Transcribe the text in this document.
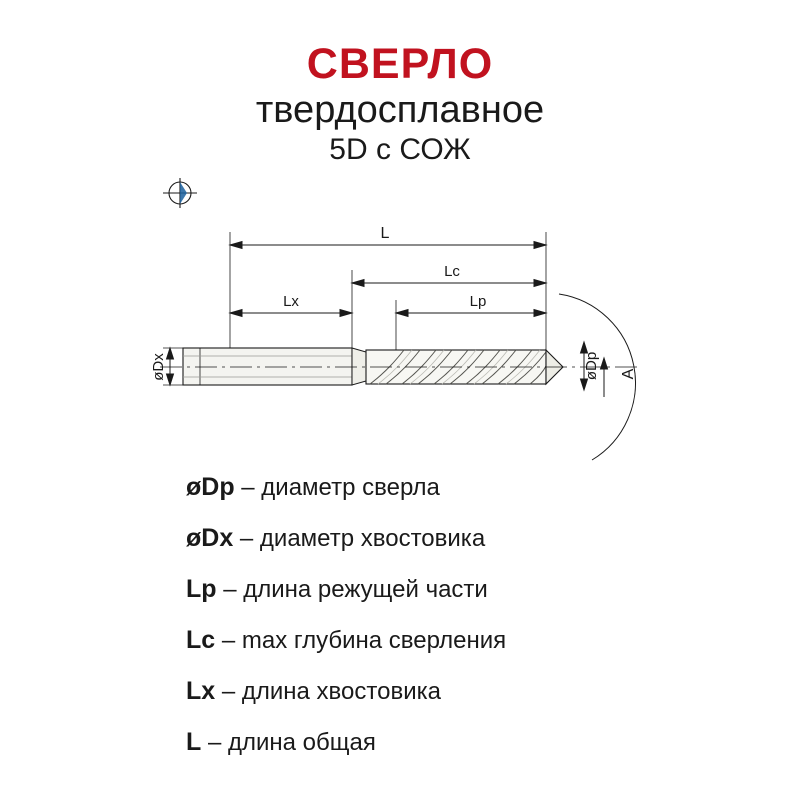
СВЕРЛО
твердосплавное
5D с СОЖ
L
Lc
Lx	Lp
øDx	øDp A
øDp – диаметр сверла
øDx – диаметр хвостовика
Lp – длина режущей части
Lc – max глубина сверления
Lx – длина хвостовика
L – длина общая
